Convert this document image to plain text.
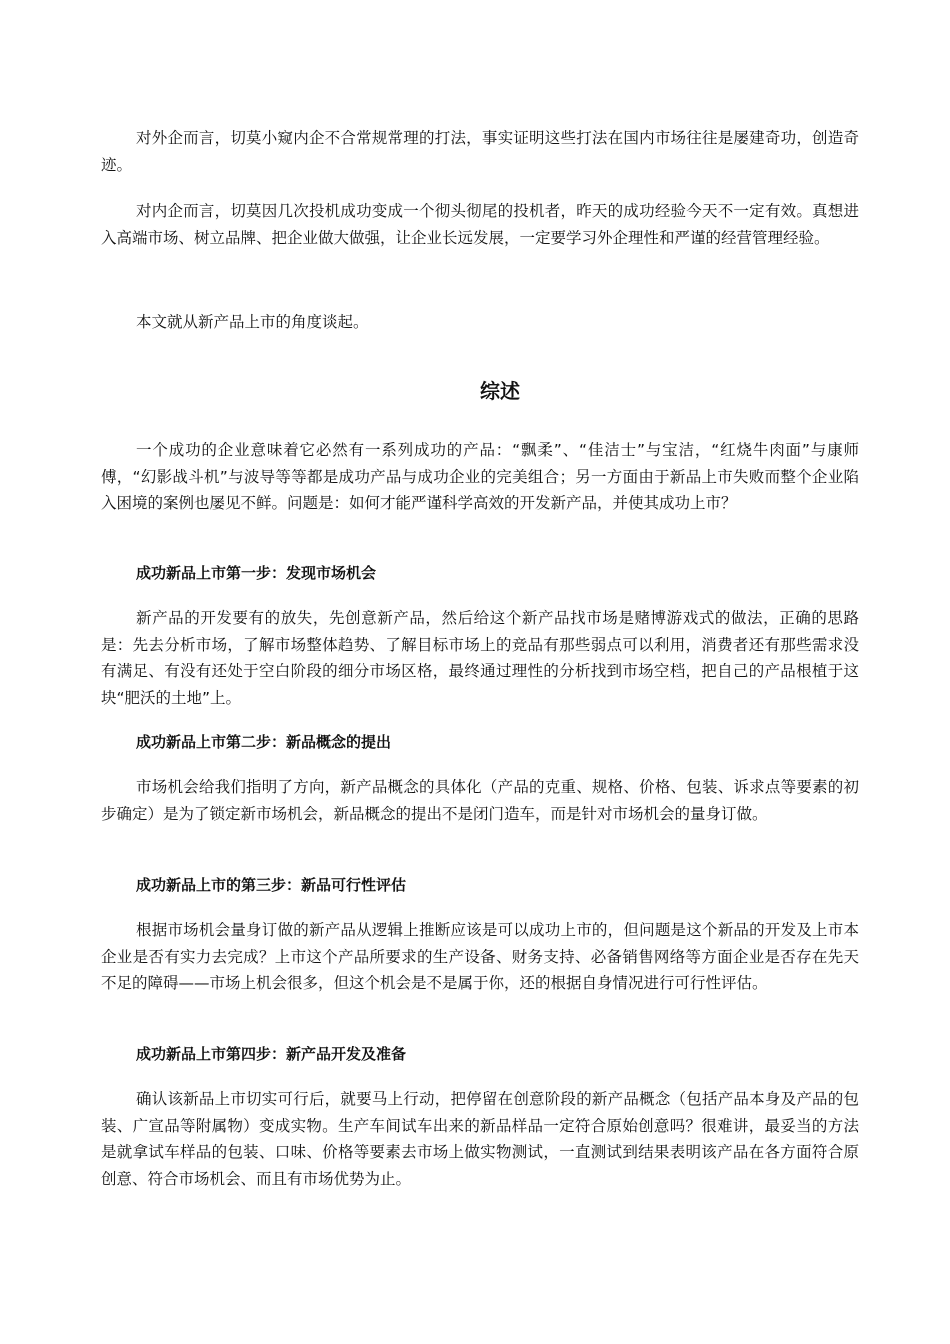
对外企而言，切莫小窥内企不合常规常理的打法，事实证明这些打法在国内市场往往是屡建奇功，创造奇迹。

对内企而言，切莫因几次投机成功变成一个彻头彻尾的投机者，昨天的成功经验今天不一定有效。真想进入高端市场、树立品牌、把企业做大做强，让企业长远发展，一定要学习外企理性和严谨的经营管理经验。

本文就从新产品上市的角度谈起。

综述

一个成功的企业意味着它必然有一系列成功的产品：“飘柔”、“佳洁士”与宝洁，“红烧牛肉面”与康师傅，“幻影战斗机”与波导等等都是成功产品与成功企业的完美组合；另一方面由于新品上市失败而整个企业陷入困境的案例也屡见不鲜。问题是：如何才能严谨科学高效的开发新产品，并使其成功上市？

成功新品上市第一步：发现市场机会

新产品的开发要有的放失，先创意新产品，然后给这个新产品找市场是赌博游戏式的做法，正确的思路是：先去分析市场，了解市场整体趋势、了解目标市场上的竞品有那些弱点可以利用，消费者还有那些需求没有满足、有没有还处于空白阶段的细分市场区格，最终通过理性的分析找到市场空档，把自己的产品根植于这块“肥沃的土地”上。

成功新品上市第二步：新品概念的提出

市场机会给我们指明了方向，新产品概念的具体化（产品的克重、规格、价格、包装、诉求点等要素的初步确定）是为了锁定新市场机会，新品概念的提出不是闭门造车，而是针对市场机会的量身订做。

成功新品上市的第三步：新品可行性评估

根据市场机会量身订做的新产品从逻辑上推断应该是可以成功上市的，但问题是这个新品的开发及上市本企业是否有实力去完成？上市这个产品所要求的生产设备、财务支持、必备销售网络等方面企业是否存在先天不足的障碍——市场上机会很多，但这个机会是不是属于你，还的根据自身情况进行可行性评估。

成功新品上市第四步：新产品开发及准备

确认该新品上市切实可行后，就要马上行动，把停留在创意阶段的新产品概念（包括产品本身及产品的包装、广宣品等附属物）变成实物。生产车间试车出来的新品样品一定符合原始创意吗？很难讲，最妥当的方法是就拿试车样品的包装、口味、价格等要素去市场上做实物测试，一直测试到结果表明该产品在各方面符合原创意、符合市场机会、而且有市场优势为止。
